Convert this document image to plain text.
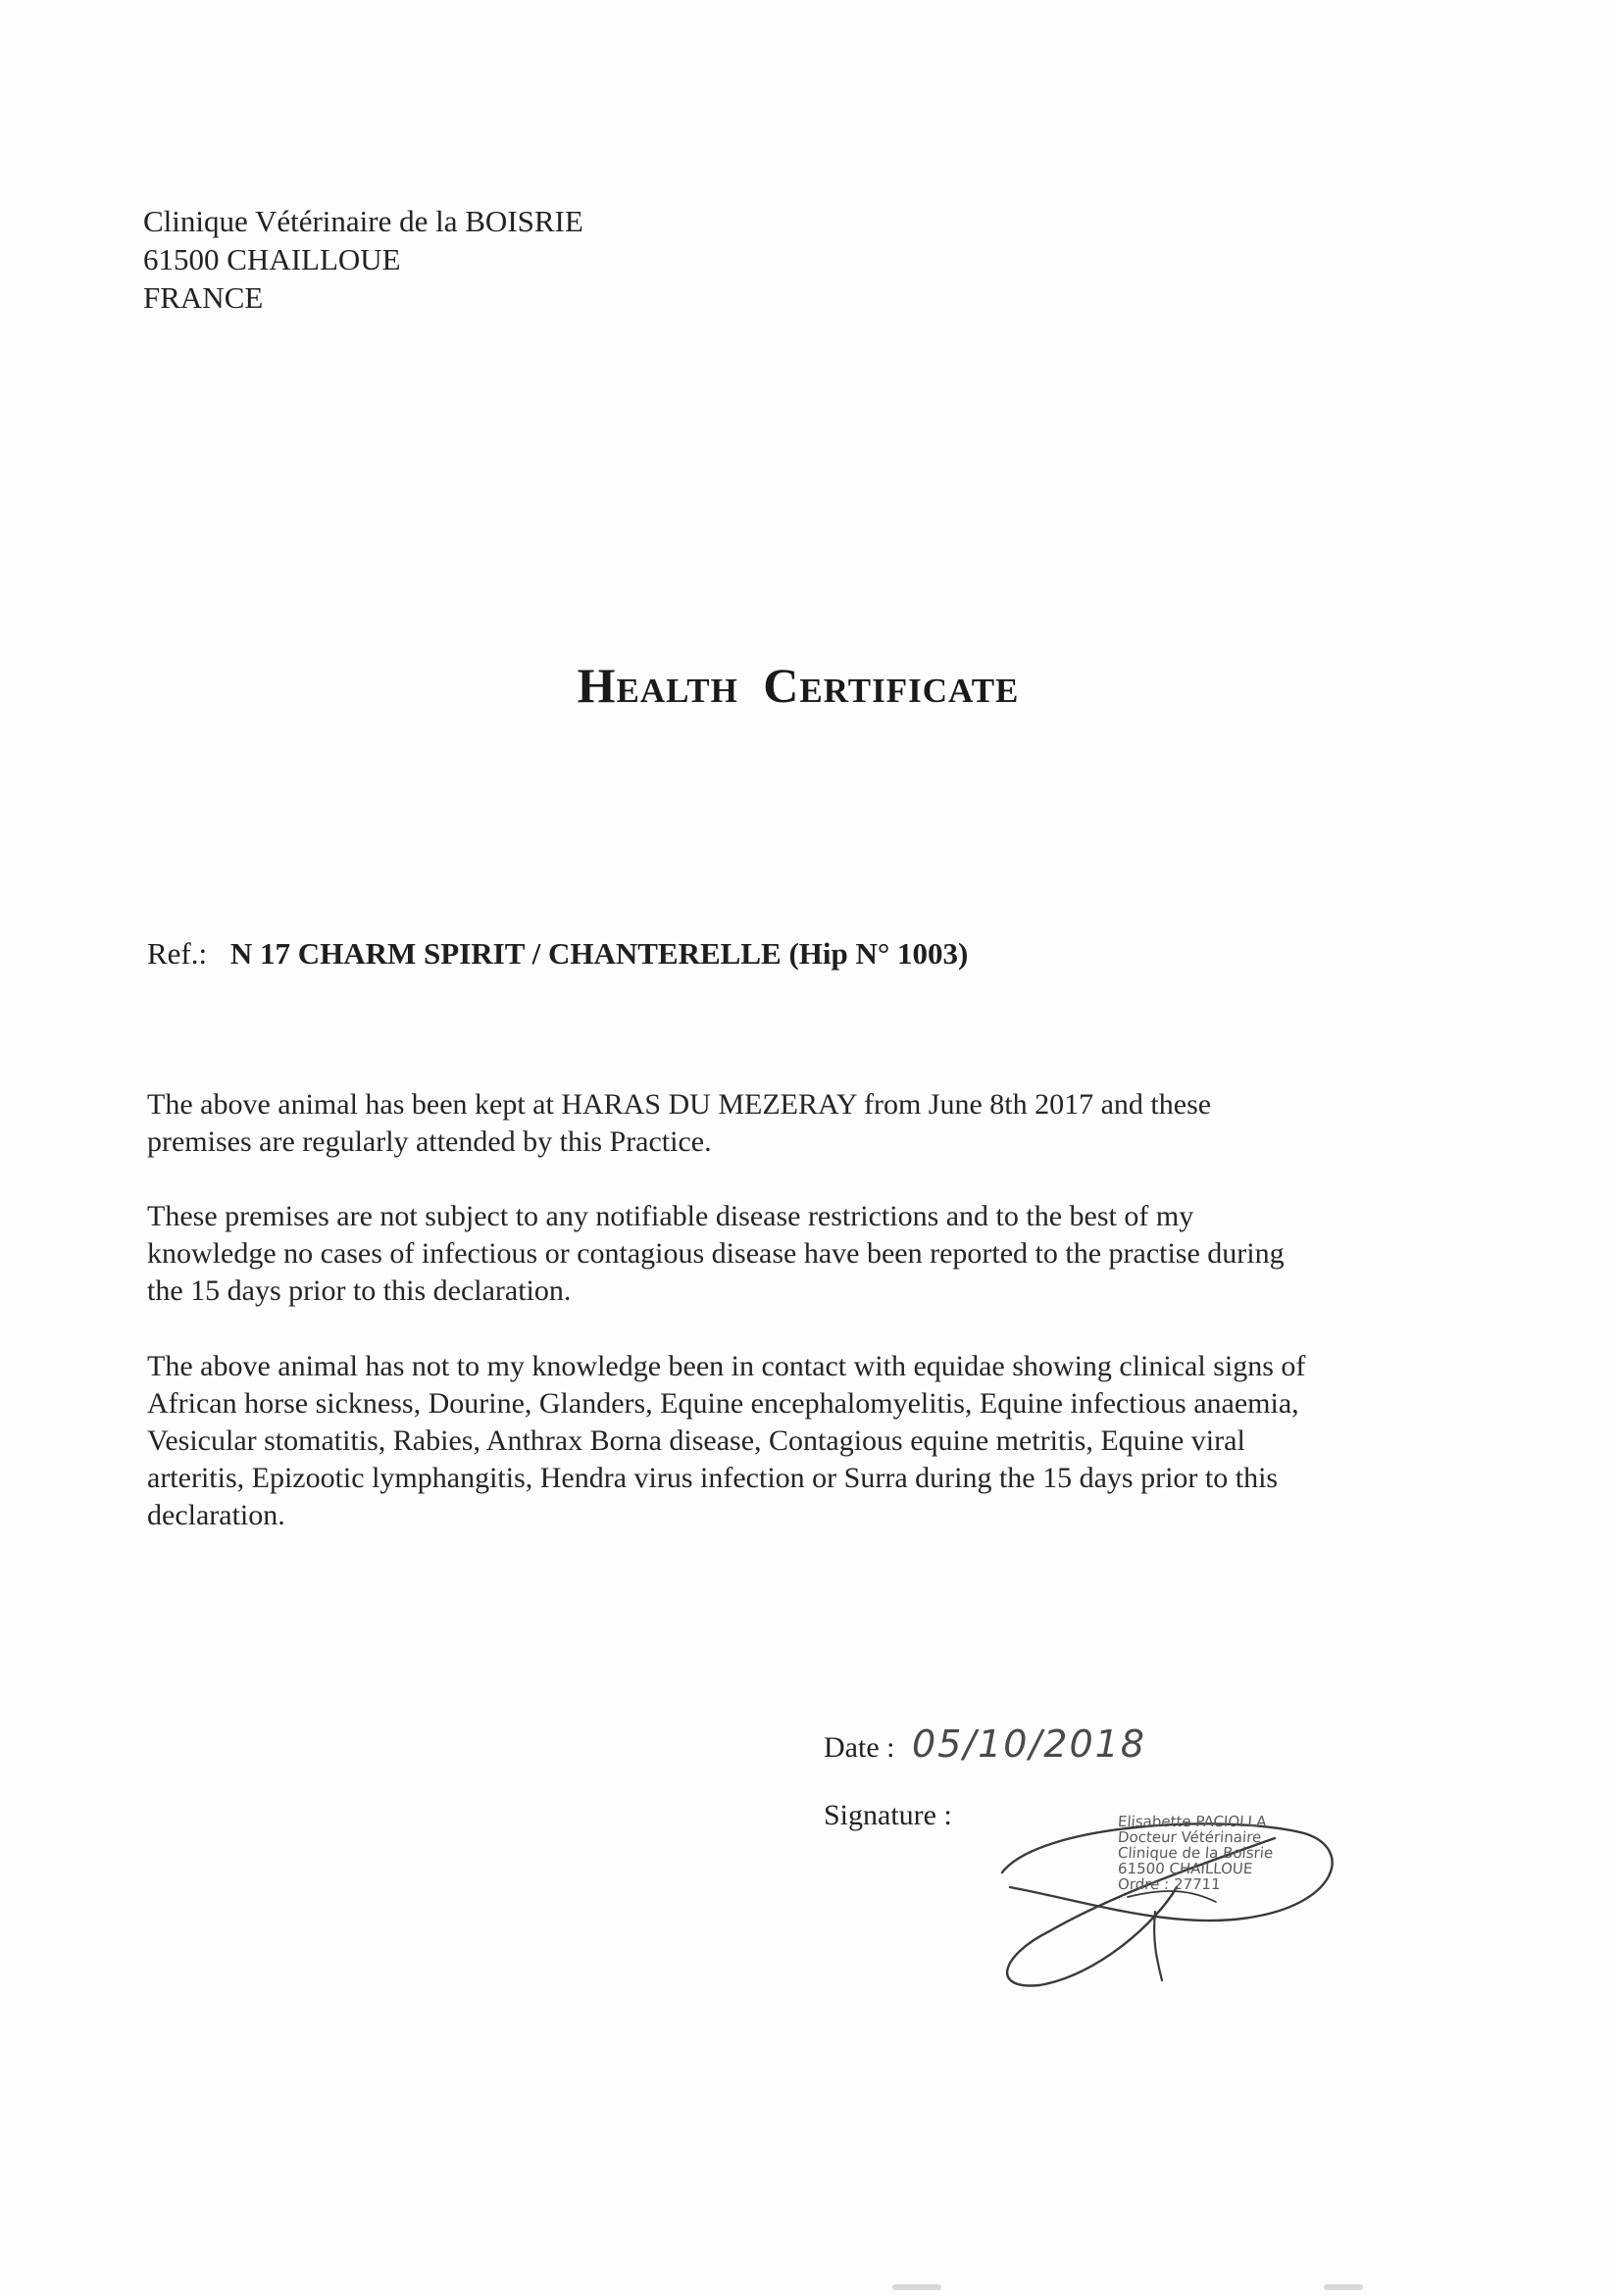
Clinique Vétérinaire de la BOISRIE
61500 CHAILLOUE
FRANCE
Health Certificate
Ref.: N 17 CHARM SPIRIT / CHANTERELLE (Hip N° 1003)
The above animal has been kept at HARAS DU MEZERAY from June 8th 2017 and these
premises are regularly attended by this Practice.
These premises are not subject to any notifiable disease restrictions and to the best of my
knowledge no cases of infectious or contagious disease have been reported to the practise during
the 15 days prior to this declaration.
The above animal has not to my knowledge been in contact with equidae showing clinical signs of
African horse sickness, Dourine, Glanders, Equine encephalomyelitis, Equine infectious anaemia,
Vesicular stomatitis, Rabies, Anthrax Borna disease, Contagious equine metritis, Equine viral
arteritis, Epizootic lymphangitis, Hendra virus infection or Surra during the 15 days prior to this
declaration.
Date : 05/10/2018
Signature :	Elisabette PACIOLLA
Docteur Vétérinaire
Clinique de la Boisrie
61500 CHAILLOUE
Ordre : 27711
